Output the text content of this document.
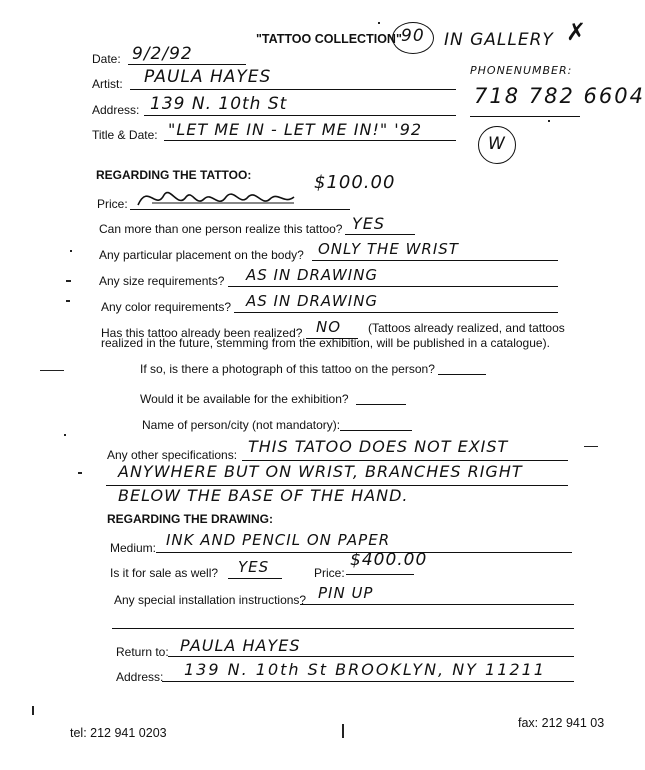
"TATTOO COLLECTION" 90 IN GALLERY ✗
PHONENUMBER:
718 782 6604
W
Date: 9/2/92
Artist: PAULA HAYES
Address: 139 N. 10th St
Title & Date: "LET ME IN - LET ME IN!" '92
REGARDING THE TATTOO:
Price:
$100.00
Can more than one person realize this tattoo? YES
Any particular placement on the body? ONLY THE WRIST
Any size requirements? AS IN DRAWING
Any color requirements? AS IN DRAWING
Has this tattoo already been realized? NO (Tattoos already realized, and tattoos
realized in the future, stemming from the exhibition, will be published in a catalogue).
If so, is there a photograph of this tattoo on the person?
Would it be available for the exhibition?
Name of person/city (not mandatory):
Any other specifications: THIS TATOO DOES NOT EXIST
ANYWHERE BUT ON WRIST, BRANCHES RIGHT
BELOW THE BASE OF THE HAND.
REGARDING THE DRAWING:
Medium: INK AND PENCIL ON PAPER
Is it for sale as well? YES	Price:
$400.00
Any special installation instructions? PIN UP
Return to: PAULA HAYES
Address: 139 N. 10th St BROOKLYN, NY 11211
tel: 212 941 0203
fax: 212 941 03
